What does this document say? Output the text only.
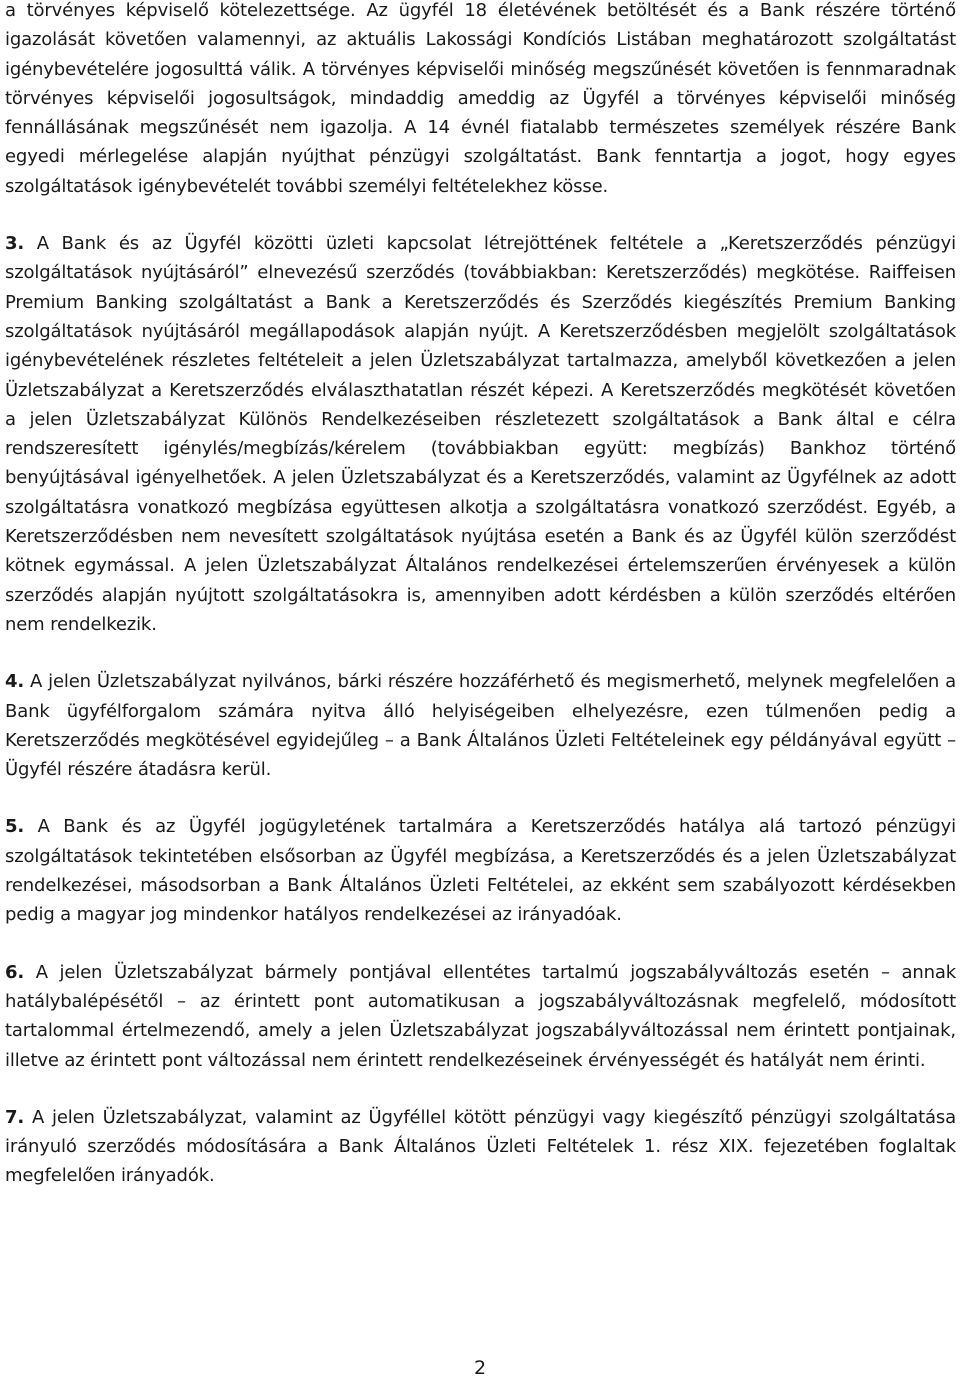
a törvényes képviselő kötelezettsége. Az ügyfél 18 életévének betöltését és a Bank részére történő igazolását követően valamennyi, az aktuális Lakossági Kondíciós Listában meghatározott szolgáltatást igénybevételére jogosulttá válik. A törvényes képviselői minőség megszűnését követően is fennmaradnak törvényes képviselői jogosultságok, mindaddig ameddig az Ügyfél a törvényes képviselői minőség fennállásának megszűnését nem igazolja. A 14 évnél fiatalabb természetes személyek részére Bank egyedi mérlegelése alapján nyújthat pénzügyi szolgáltatást. Bank fenntartja a jogot, hogy egyes szolgáltatások igénybevételét további személyi feltételekhez kösse.

3. A Bank és az Ügyfél közötti üzleti kapcsolat létrejöttének feltétele a „Keretszerződés pénzügyi szolgáltatások nyújtásáról” elnevezésű szerződés (továbbiakban: Keretszerződés) megkötése. Raiffeisen Premium Banking szolgáltatást a Bank a Keretszerződés és Szerződés kiegészítés Premium Banking szolgáltatások nyújtásáról megállapodások alapján nyújt. A Keretszerződésben megjelölt szolgáltatások igénybevételének részletes feltételeit a jelen Üzletszabályzat tartalmazza, amelyből következően a jelen Üzletszabályzat a Keretszerződés elválaszthatatlan részét képezi. A Keretszerződés megkötését követően a jelen Üzletszabályzat Különös Rendelkezéseiben részletezett szolgáltatások a Bank által e célra rendszeresített igénylés/megbízás/kérelem (továbbiakban együtt: megbízás) Bankhoz történő benyújtásával igényelhetőek. A jelen Üzletszabályzat és a Keretszerződés, valamint az Ügyfélnek az adott szolgáltatásra vonatkozó megbízása együttesen alkotja a szolgáltatásra vonatkozó szerződést. Egyéb, a Keretszerződésben nem nevesített szolgáltatások nyújtása esetén a Bank és az Ügyfél külön szerződést kötnek egymással. A jelen Üzletszabályzat Általános rendelkezései értelemszerűen érvényesek a külön szerződés alapján nyújtott szolgáltatásokra is, amennyiben adott kérdésben a külön szerződés eltérően nem rendelkezik.

4. A jelen Üzletszabályzat nyilvános, bárki részére hozzáférhető és megismerhető, melynek megfelelően a Bank ügyfélforgalom számára nyitva álló helyiségeiben elhelyezésre, ezen túlmenően pedig a Keretszerződés megkötésével egyidejűleg – a Bank Általános Üzleti Feltételeinek egy példányával együtt – Ügyfél részére átadásra kerül.

5. A Bank és az Ügyfél jogügyletének tartalmára a Keretszerződés hatálya alá tartozó pénzügyi szolgáltatások tekintetében elsősorban az Ügyfél megbízása, a Keretszerződés és a jelen Üzletszabályzat rendelkezései, másodsorban a Bank Általános Üzleti Feltételei, az ekként sem szabályozott kérdésekben pedig a magyar jog mindenkor hatályos rendelkezései az irányadóak.

6. A jelen Üzletszabályzat bármely pontjával ellentétes tartalmú jogszabályváltozás esetén – annak hatálybalépésétől – az érintett pont automatikusan a jogszabályváltozásnak megfelelő, módosított tartalommal értelmezendő, amely a jelen Üzletszabályzat jogszabályváltozással nem érintett pontjainak, illetve az érintett pont változással nem érintett rendelkezéseinek érvényességét és hatályát nem érinti.

7. A jelen Üzletszabályzat, valamint az Ügyféllel kötött pénzügyi vagy kiegészítő pénzügyi szolgáltatása irányuló szerződés módosítására a Bank Általános Üzleti Feltételek 1. rész XIX. fejezetében foglaltak megfelelően irányadók.

2
